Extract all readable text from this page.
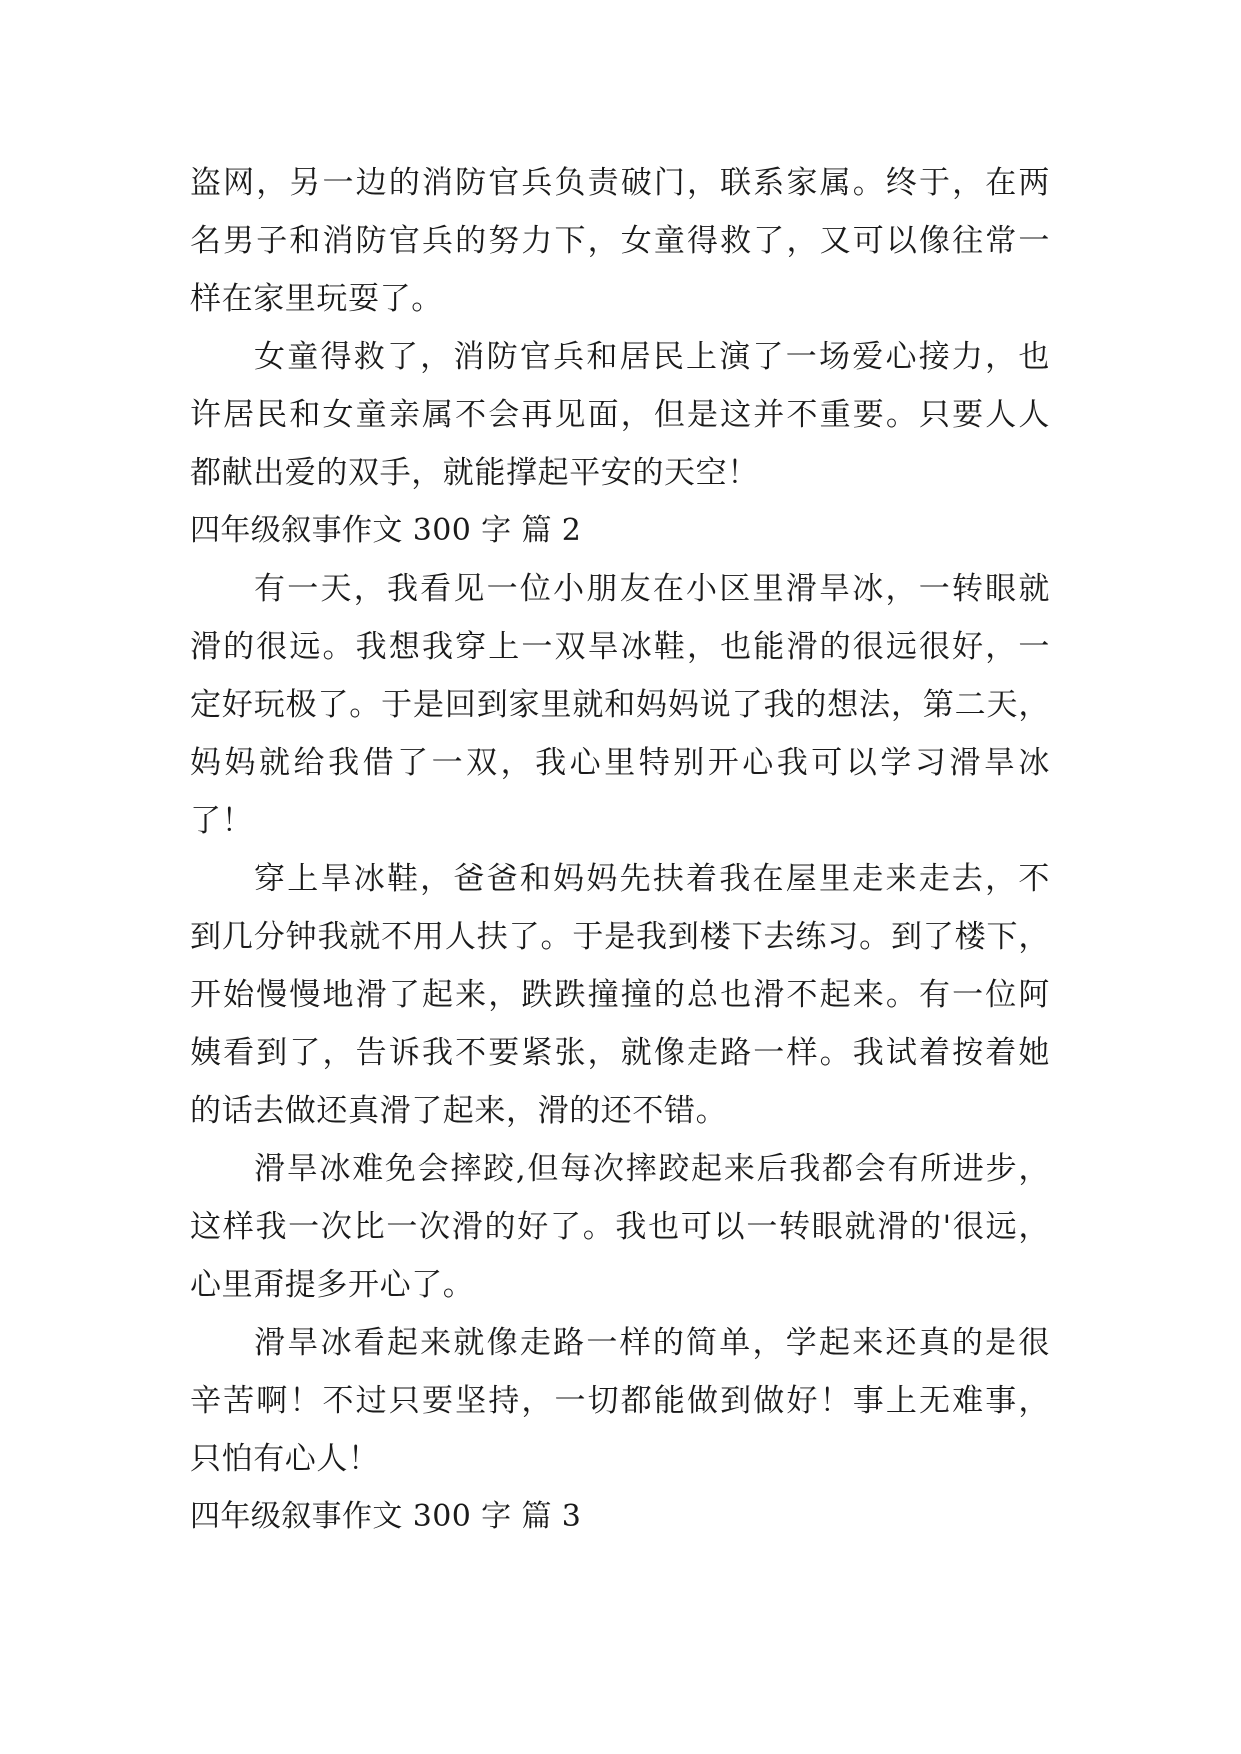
盗网，另一边的消防官兵负责破门，联系家属。终于，在两
名男子和消防官兵的努力下，女童得救了，又可以像往常一
样在家里玩耍了。
女童得救了，消防官兵和居民上演了一场爱心接力，也
许居民和女童亲属不会再见面，但是这并不重要。只要人人
都献出爱的双手，就能撑起平安的天空！
四年级叙事作文 300 字 篇 2
有一天，我看见一位小朋友在小区里滑旱冰，一转眼就
滑的很远。我想我穿上一双旱冰鞋，也能滑的很远很好，一
定好玩极了。于是回到家里就和妈妈说了我的想法，第二天，
妈妈就给我借了一双，我心里特别开心我可以学习滑旱冰
了！
穿上旱冰鞋，爸爸和妈妈先扶着我在屋里走来走去，不
到几分钟我就不用人扶了。于是我到楼下去练习。到了楼下，
开始慢慢地滑了起来，跌跌撞撞的总也滑不起来。有一位阿
姨看到了，告诉我不要紧张，就像走路一样。我试着按着她
的话去做还真滑了起来，滑的还不错。
滑旱冰难免会摔跤,但每次摔跤起来后我都会有所进步，
这样我一次比一次滑的好了。我也可以一转眼就滑的'很远，
心里甭提多开心了。
滑旱冰看起来就像走路一样的简单，学起来还真的是很
辛苦啊！不过只要坚持，一切都能做到做好！事上无难事，
只怕有心人！
四年级叙事作文 300 字 篇 3
